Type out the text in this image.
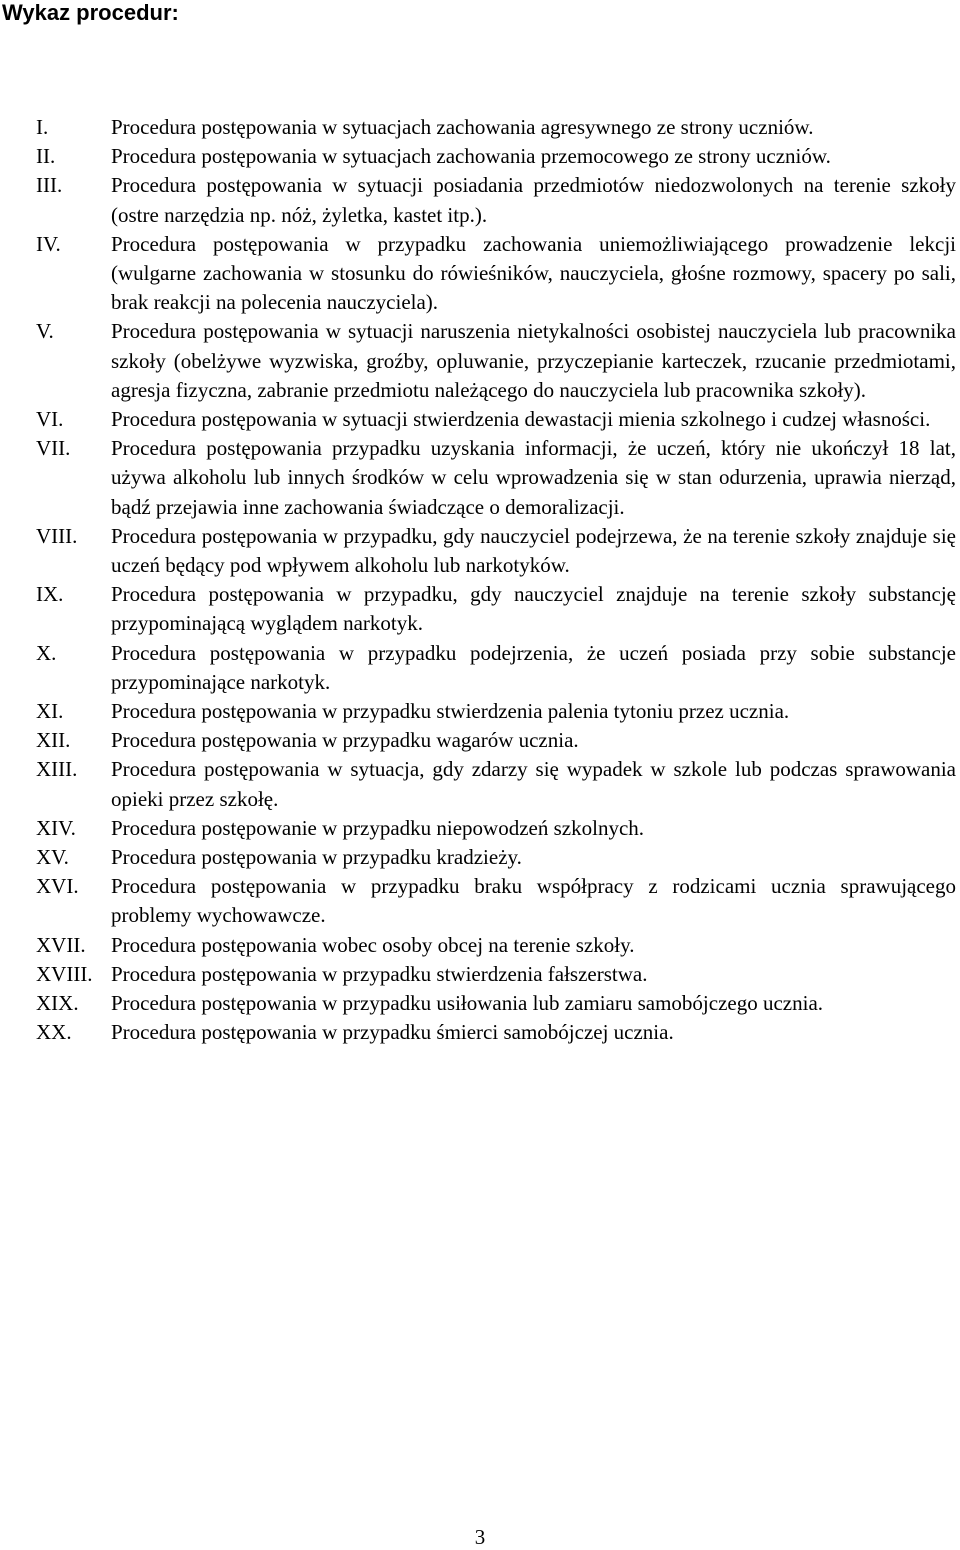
Wykaz procedur:
I.	Procedura postępowania w sytuacjach zachowania agresywnego ze strony uczniów.
II.	Procedura postępowania w sytuacjach zachowania przemocowego ze strony uczniów.
III.	Procedura postępowania w sytuacji posiadania przedmiotów niedozwolonych na terenie szkoły (ostre narzędzia np. nóż, żyletka, kastet itp.).
IV.	Procedura postępowania w przypadku zachowania uniemożliwiającego prowadzenie lekcji (wulgarne zachowania w stosunku do rówieśników, nauczyciela, głośne rozmowy, spacery po sali, brak reakcji na polecenia nauczyciela).
V.	Procedura postępowania w sytuacji naruszenia nietykalności osobistej nauczyciela lub pracownika szkoły (obelżywe wyzwiska, groźby, opluwanie, przyczepianie karteczek, rzucanie przedmiotami, agresja fizyczna, zabranie przedmiotu należącego do nauczyciela lub pracownika szkoły).
VI.	Procedura postępowania w sytuacji stwierdzenia dewastacji mienia szkolnego i cudzej własności.
VII.	Procedura postępowania przypadku uzyskania informacji, że uczeń, który nie ukończył 18 lat, używa alkoholu lub innych środków w celu wprowadzenia się w stan odurzenia, uprawia nierząd, bądź przejawia inne zachowania świadczące o demoralizacji.
VIII.	Procedura postępowania w przypadku, gdy nauczyciel podejrzewa, że na terenie szkoły znajduje się uczeń będący pod wpływem alkoholu lub narkotyków.
IX.	Procedura postępowania w przypadku, gdy nauczyciel znajduje na terenie szkoły substancję przypominającą wyglądem narkotyk.
X.	Procedura postępowania w przypadku podejrzenia, że uczeń posiada przy sobie substancje przypominające narkotyk.
XI.	Procedura postępowania w przypadku stwierdzenia palenia tytoniu przez ucznia.
XII.	Procedura postępowania w przypadku wagarów ucznia.
XIII.	Procedura postępowania w sytuacja, gdy zdarzy się wypadek w szkole lub podczas sprawowania opieki przez szkołę.
XIV.	Procedura postępowanie w przypadku niepowodzeń szkolnych.
XV.	Procedura postępowania w przypadku kradzieży.
XVI.	Procedura postępowania w przypadku braku współpracy z rodzicami ucznia sprawującego problemy wychowawcze.
XVII.	Procedura postępowania wobec osoby obcej na terenie szkoły.
XVIII. Procedura postępowania w przypadku stwierdzenia fałszerstwa.
XIX.	Procedura postępowania w przypadku usiłowania lub zamiaru samobójczego ucznia.
XX.	Procedura postępowania w przypadku śmierci samobójczej ucznia.
3
